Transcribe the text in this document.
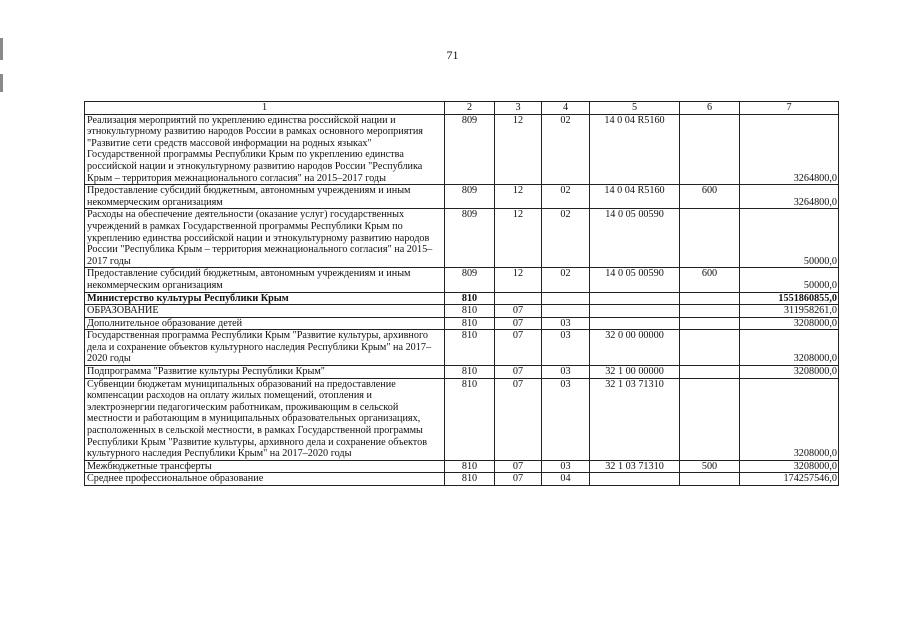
71
1	2	3	4	5	6	7
Реализация мероприятий по укреплению единства российской нации и этнокультурному развитию народов России в рамках основного мероприятия "Развитие сети средств массовой информации на родных языках" Государственной программы Республики Крым по укреплению единства российской нации и этнокультурному развитию народов России "Республика Крым – территория межнационального согласия" на 2015–2017 годы	809	12	02	14 0 04 R5160		3264800,0
Предоставление субсидий бюджетным, автономным учреждениям и иным некоммерческим организациям	809	12	02	14 0 04 R5160	600	3264800,0
Расходы на обеспечение деятельности (оказание услуг) государственных учреждений в рамках Государственной программы Республики Крым по укреплению единства российской нации и этнокультурному развитию народов России "Республика Крым – территория межнационального согласия" на 2015–2017 годы	809	12	02	14 0 05 00590		50000,0
Предоставление субсидий бюджетным, автономным учреждениям и иным некоммерческим организациям	809	12	02	14 0 05 00590	600	50000,0
Министерство культуры Республики Крым	810					1551860855,0
ОБРАЗОВАНИЕ	810	07				311958261,0
Дополнительное образование детей	810	07	03			3208000,0
Государственная программа Республики Крым "Развитие культуры, архивного дела и сохранение объектов культурного наследия Республики Крым" на 2017–2020 годы	810	07	03	32 0 00 00000		3208000,0
Подпрограмма "Развитие культуры Республики Крым"	810	07	03	32 1 00 00000		3208000,0
Субвенции бюджетам муниципальных образований на предоставление компенсации расходов на оплату жилых помещений, отопления и электроэнергии педагогическим работникам, проживающим в сельской местности и работающим в муниципальных образовательных организациях, расположенных в сельской местности, в рамках Государственной программы Республики Крым "Развитие культуры, архивного дела и сохранение объектов культурного наследия Республики Крым" на 2017–2020 годы	810	07	03	32 1 03 71310		3208000,0
Межбюджетные трансферты	810	07	03	32 1 03 71310	500	3208000,0
Среднее профессиональное образование	810	07	04			174257546,0
